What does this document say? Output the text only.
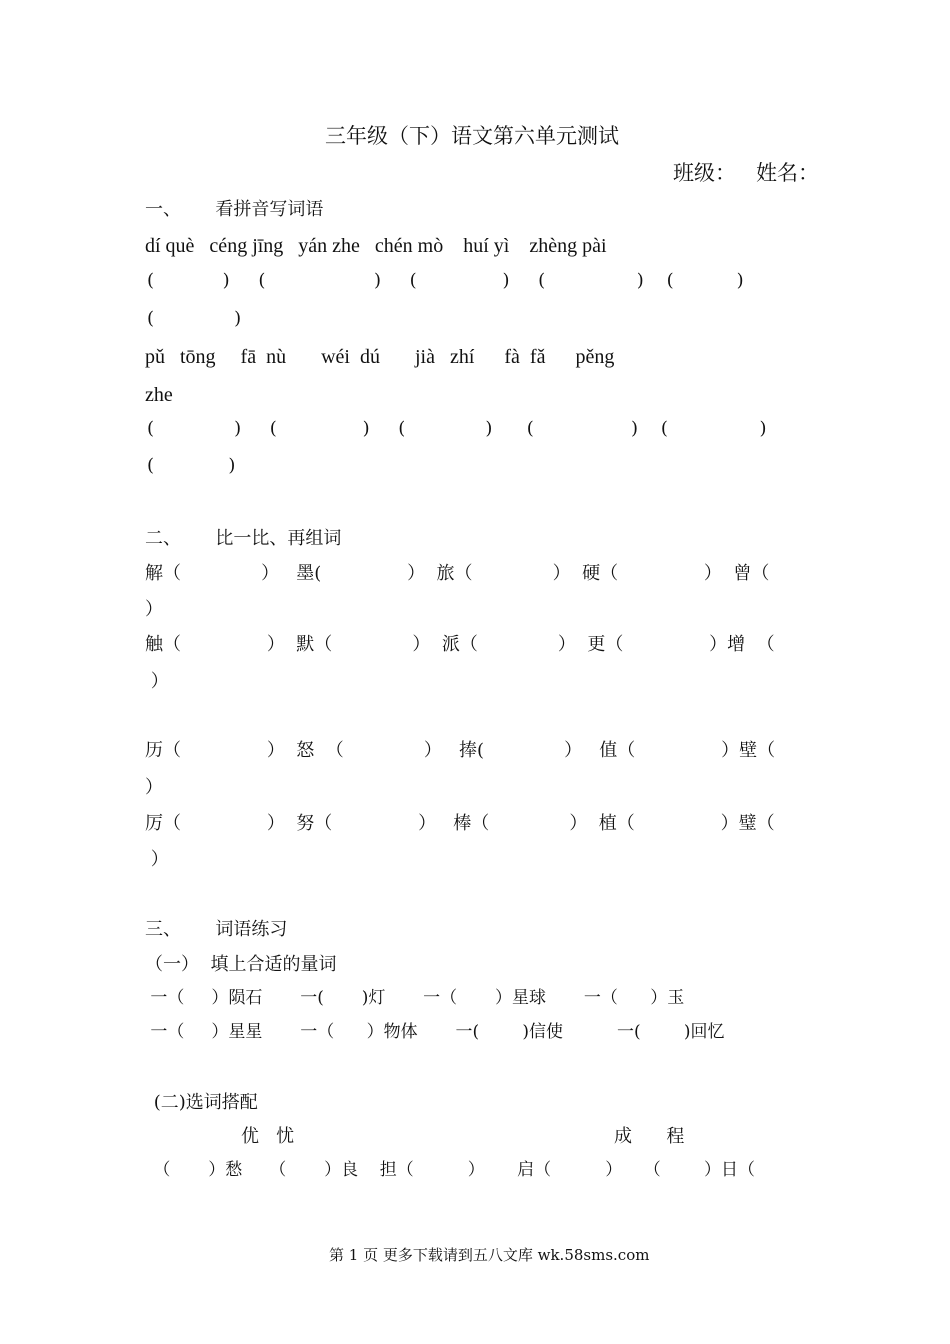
三年级（下）语文第六单元测试
班级：   姓名：
一、      看拼音写词语
dí què   céng jīng   yán zhe   chén mò    huí yì    zhèng pài
(            )     (                   )     (               )     (                )    (           )
(              )
pǔ   tōng     fā  nù       wéi  dú       jià   zhí      fà  fǎ      pěng
zhe
(              )     (               )     (              )      (                 )    (                )
(             )
二、      比一比、再组词
解（              ）   墨(               ）  旅（              ）  硬（               ）  曾（
）
触（               ）  默（              ）  派（              ）  更（               ）增  （
）
历（               ）  怒  （              ）   捧(              ）   值（               ）壁（
）
厉（               ）  努（               ）   棒（              ）  植（               ）璧（
）
三、      词语练习
（一）  填上合适的量词
一（     ）陨石       一(       )灯       一（       ）星球       一（      ）玉
一（     ）星星       一（      ）物体       一(        )信使          一(        )回忆
(二)选词搭配
优   忧	成      程
（       ）愁     （       ）良    担（          ）      启（          ）    （        ）日（
第 1 页 更多下载请到五八文库 wk.58sms.com
